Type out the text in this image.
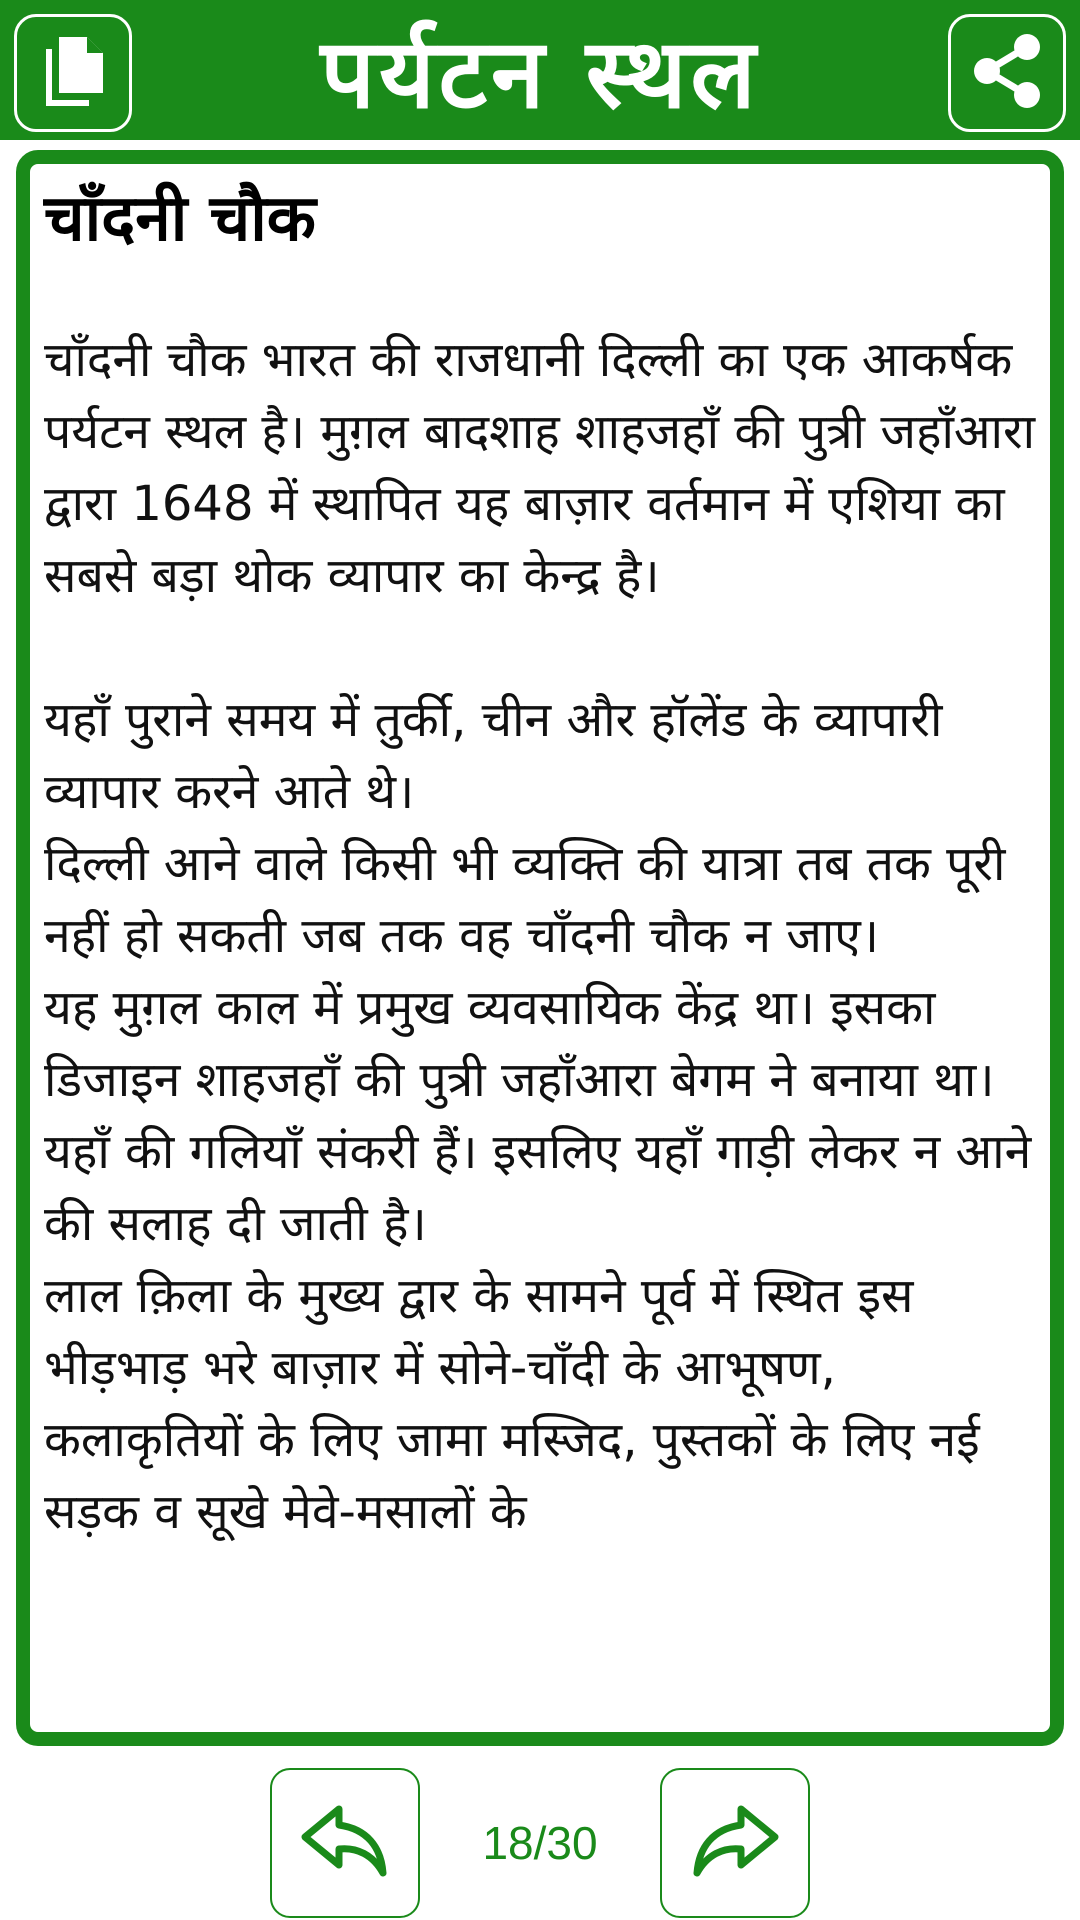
पर्यटन स्थल
चाँदनी चौक

चाँदनी चौक भारत की राजधानी दिल्ली का एक आकर्षक पर्यटन स्थल है। मुग़ल बादशाह शाहजहाँ की पुत्री जहाँआरा द्वारा 1648 में स्थापित यह बाज़ार वर्तमान में एशिया का सबसे बड़ा थोक व्यापार का केन्द्र है।

यहाँ पुराने समय में तुर्की, चीन और हॉलेंड के व्यापारी व्यापार करने आते थे।

दिल्ली आने वाले किसी भी व्यक्ति की यात्रा तब तक पूरी नहीं हो सकती जब तक वह चाँदनी चौक न जाए।

यह मुग़ल काल में प्रमुख व्यवसायिक केंद्र था। इसका डिजाइन शाहजहाँ की पुत्री जहाँआरा बेगम ने बनाया था।

यहाँ की गलियाँ संकरी हैं। इसलिए यहाँ गाड़ी लेकर न आने की सलाह दी जाती है।

लाल क़िला के मुख्य द्वार के सामने पूर्व में स्थित इस भीड़भाड़ भरे बाज़ार में सोने-चाँदी के आभूषण, कलाकृतियों के लिए जामा मस्जिद, पुस्तकों के लिए नई सड़क व सूखे मेवे-मसालों के

18/30
